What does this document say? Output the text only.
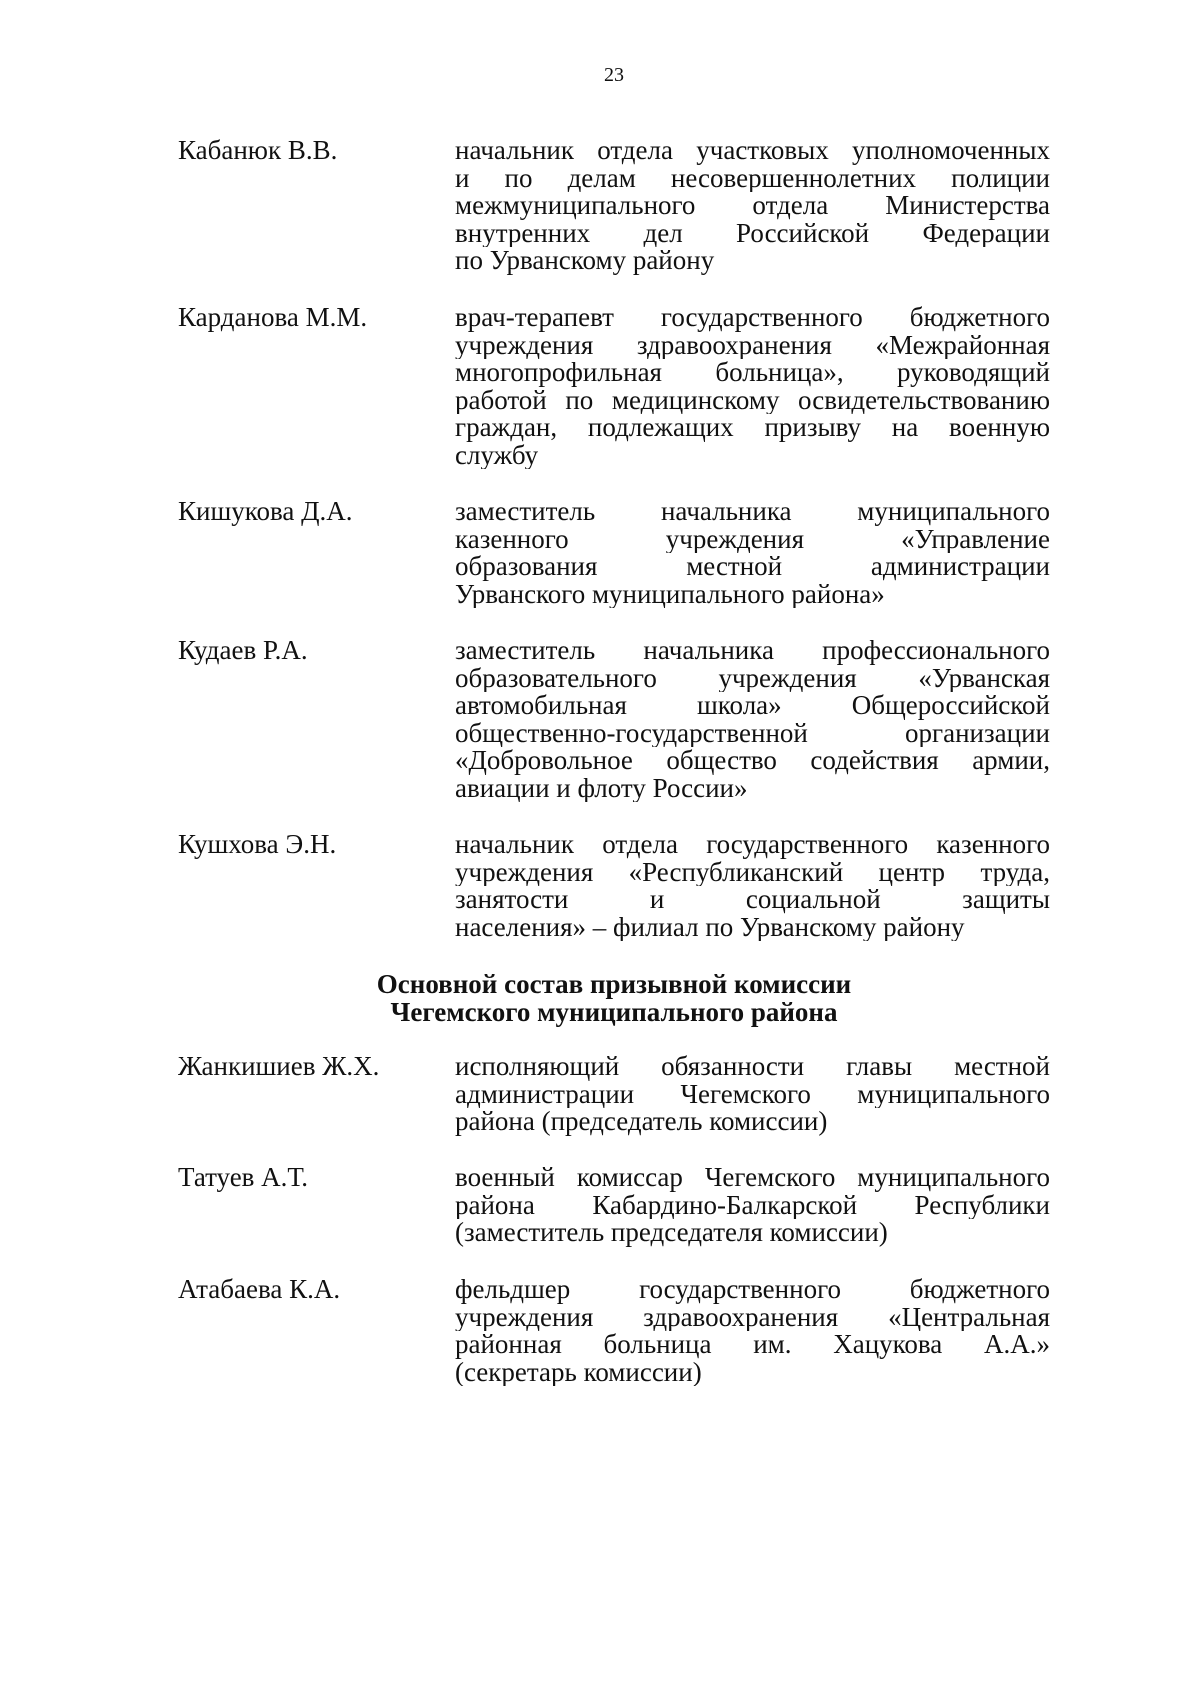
23
Кабанюк В.В.	начальник отдела участковых уполномоченных
и по делам несовершеннолетних полиции
межмуниципального отдела Министерства
внутренних дел Российской Федерации
по Урванскому району
Карданова М.М.	врач-терапевт государственного бюджетного
учреждения здравоохранения «Межрайонная
многопрофильная больница», руководящий
работой по медицинскому освидетельствованию
граждан, подлежащих призыву на военную
службу
Кишукова Д.А.	заместитель начальника муниципального
казенного учреждения «Управление
образования местной администрации
Урванского муниципального района»
Кудаев Р.А.	заместитель начальника профессионального
образовательного учреждения «Урванская
автомобильная школа» Общероссийской
общественно-государственной организации
«Добровольное общество содействия армии,
авиации и флоту России»
Кушхова Э.Н.	начальник отдела государственного казенного
учреждения «Республиканский центр труда,
занятости и социальной защиты
населения» – филиал по Урванскому району
Основной состав призывной комиссии
Чегемского муниципального района
Жанкишиев Ж.Х.	исполняющий обязанности главы местной
администрации Чегемского муниципального
района (председатель комиссии)
Татуев А.Т.	военный комиссар Чегемского муниципального
района Кабардино-Балкарской Республики
(заместитель председателя комиссии)
Атабаева К.А.	фельдшер государственного бюджетного
учреждения здравоохранения «Центральная
районная больница им. Хацукова А.А.»
(секретарь комиссии)
